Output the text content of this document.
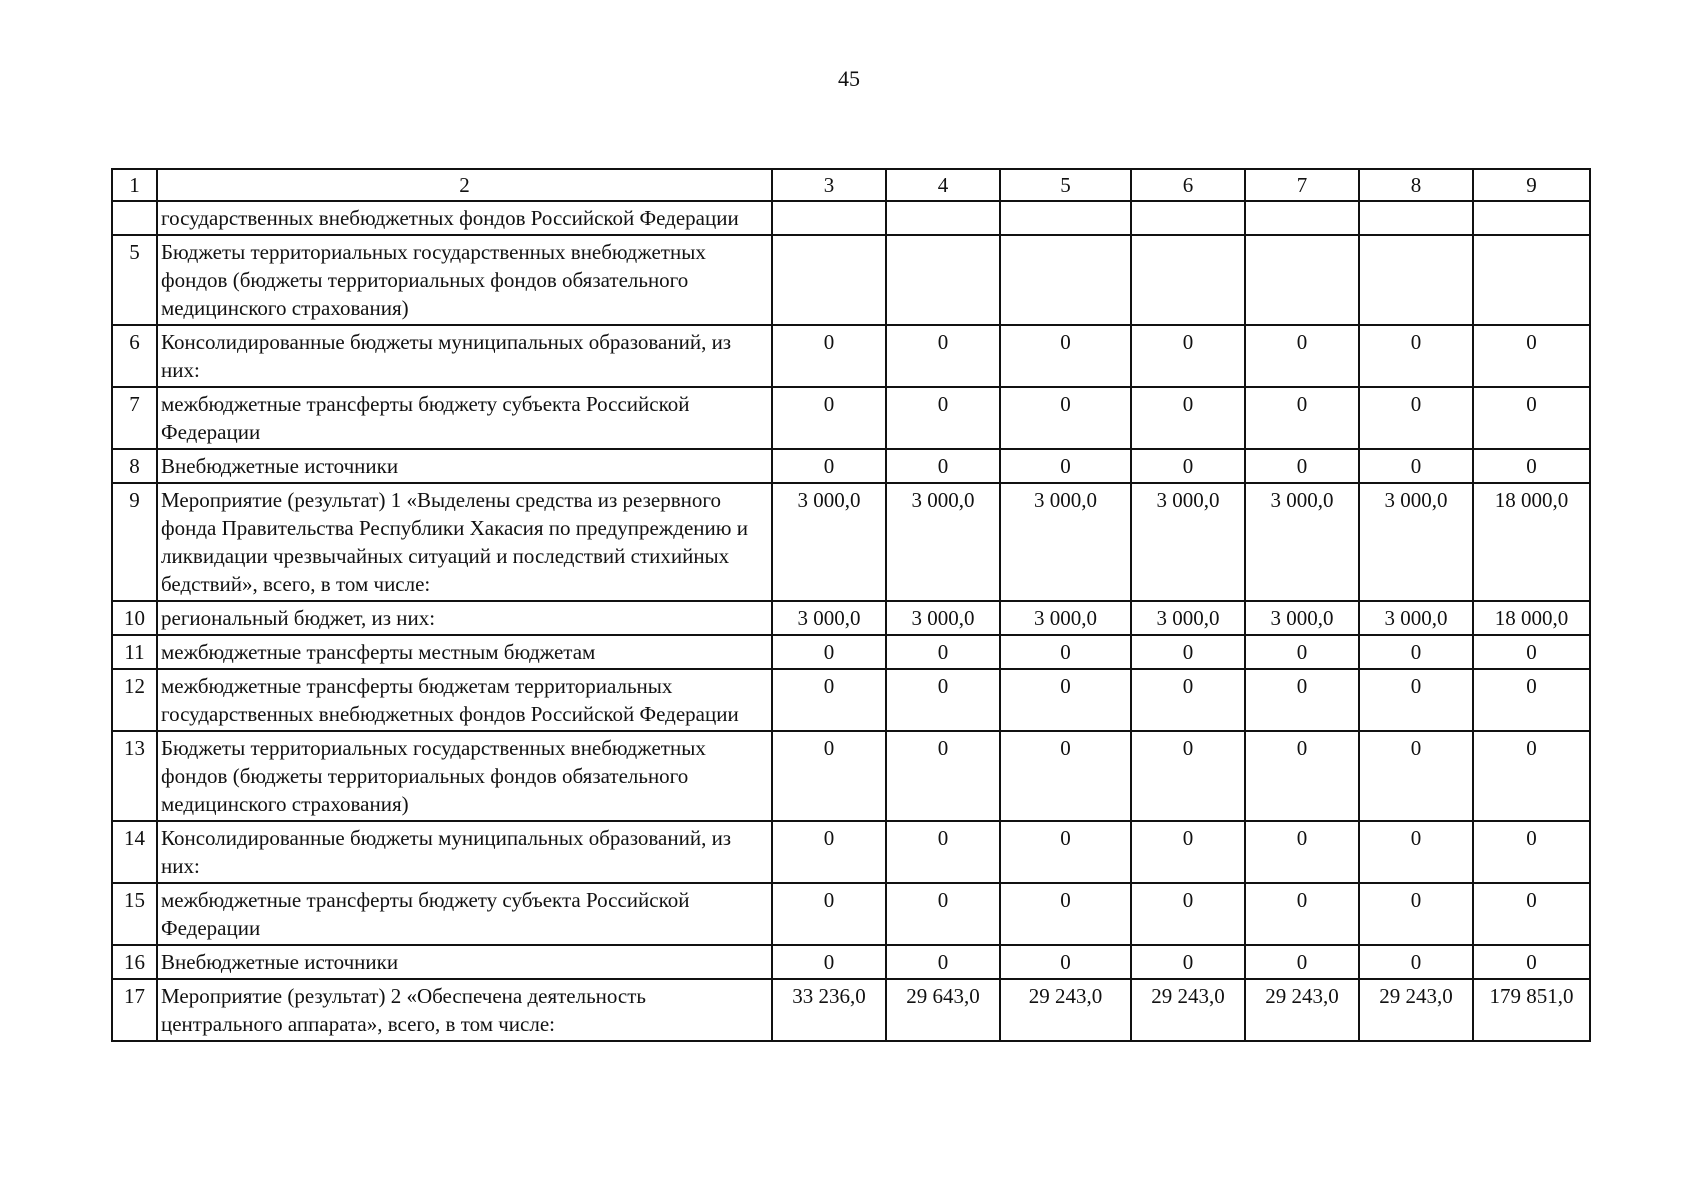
45
1	2	3	4	5	6	7	8	9
	государственных внебюджетных фондов Российской Федерации							
5	Бюджеты территориальных государственных внебюджетных фондов (бюджеты территориальных фондов обязательного медицинского страхования)							
6	Консолидированные бюджеты муниципальных образований, из них:	0	0	0	0	0	0	0
7	межбюджетные трансферты бюджету субъекта Российской Федерации	0	0	0	0	0	0	0
8	Внебюджетные источники	0	0	0	0	0	0	0
9	Мероприятие (результат) 1 «Выделены средства из резервного фонда Правительства Республики Хакасия по предупреждению и ликвидации чрезвычайных ситуаций и последствий стихийных бедствий», всего, в том числе:	3 000,0	3 000,0	3 000,0	3 000,0	3 000,0	3 000,0	18 000,0
10	региональный бюджет, из них:	3 000,0	3 000,0	3 000,0	3 000,0	3 000,0	3 000,0	18 000,0
11	межбюджетные трансферты местным бюджетам	0	0	0	0	0	0	0
12	межбюджетные трансферты бюджетам территориальных государственных внебюджетных фондов Российской Федерации	0	0	0	0	0	0	0
13	Бюджеты территориальных государственных внебюджетных фондов (бюджеты территориальных фондов обязательного медицинского страхования)	0	0	0	0	0	0	0
14	Консолидированные бюджеты муниципальных образований, из них:	0	0	0	0	0	0	0
15	межбюджетные трансферты бюджету субъекта Российской Федерации	0	0	0	0	0	0	0
16	Внебюджетные источники	0	0	0	0	0	0	0
17	Мероприятие (результат) 2 «Обеспечена деятельность центрального аппарата», всего, в том числе:	33 236,0	29 643,0	29 243,0	29 243,0	29 243,0	29 243,0	179 851,0
